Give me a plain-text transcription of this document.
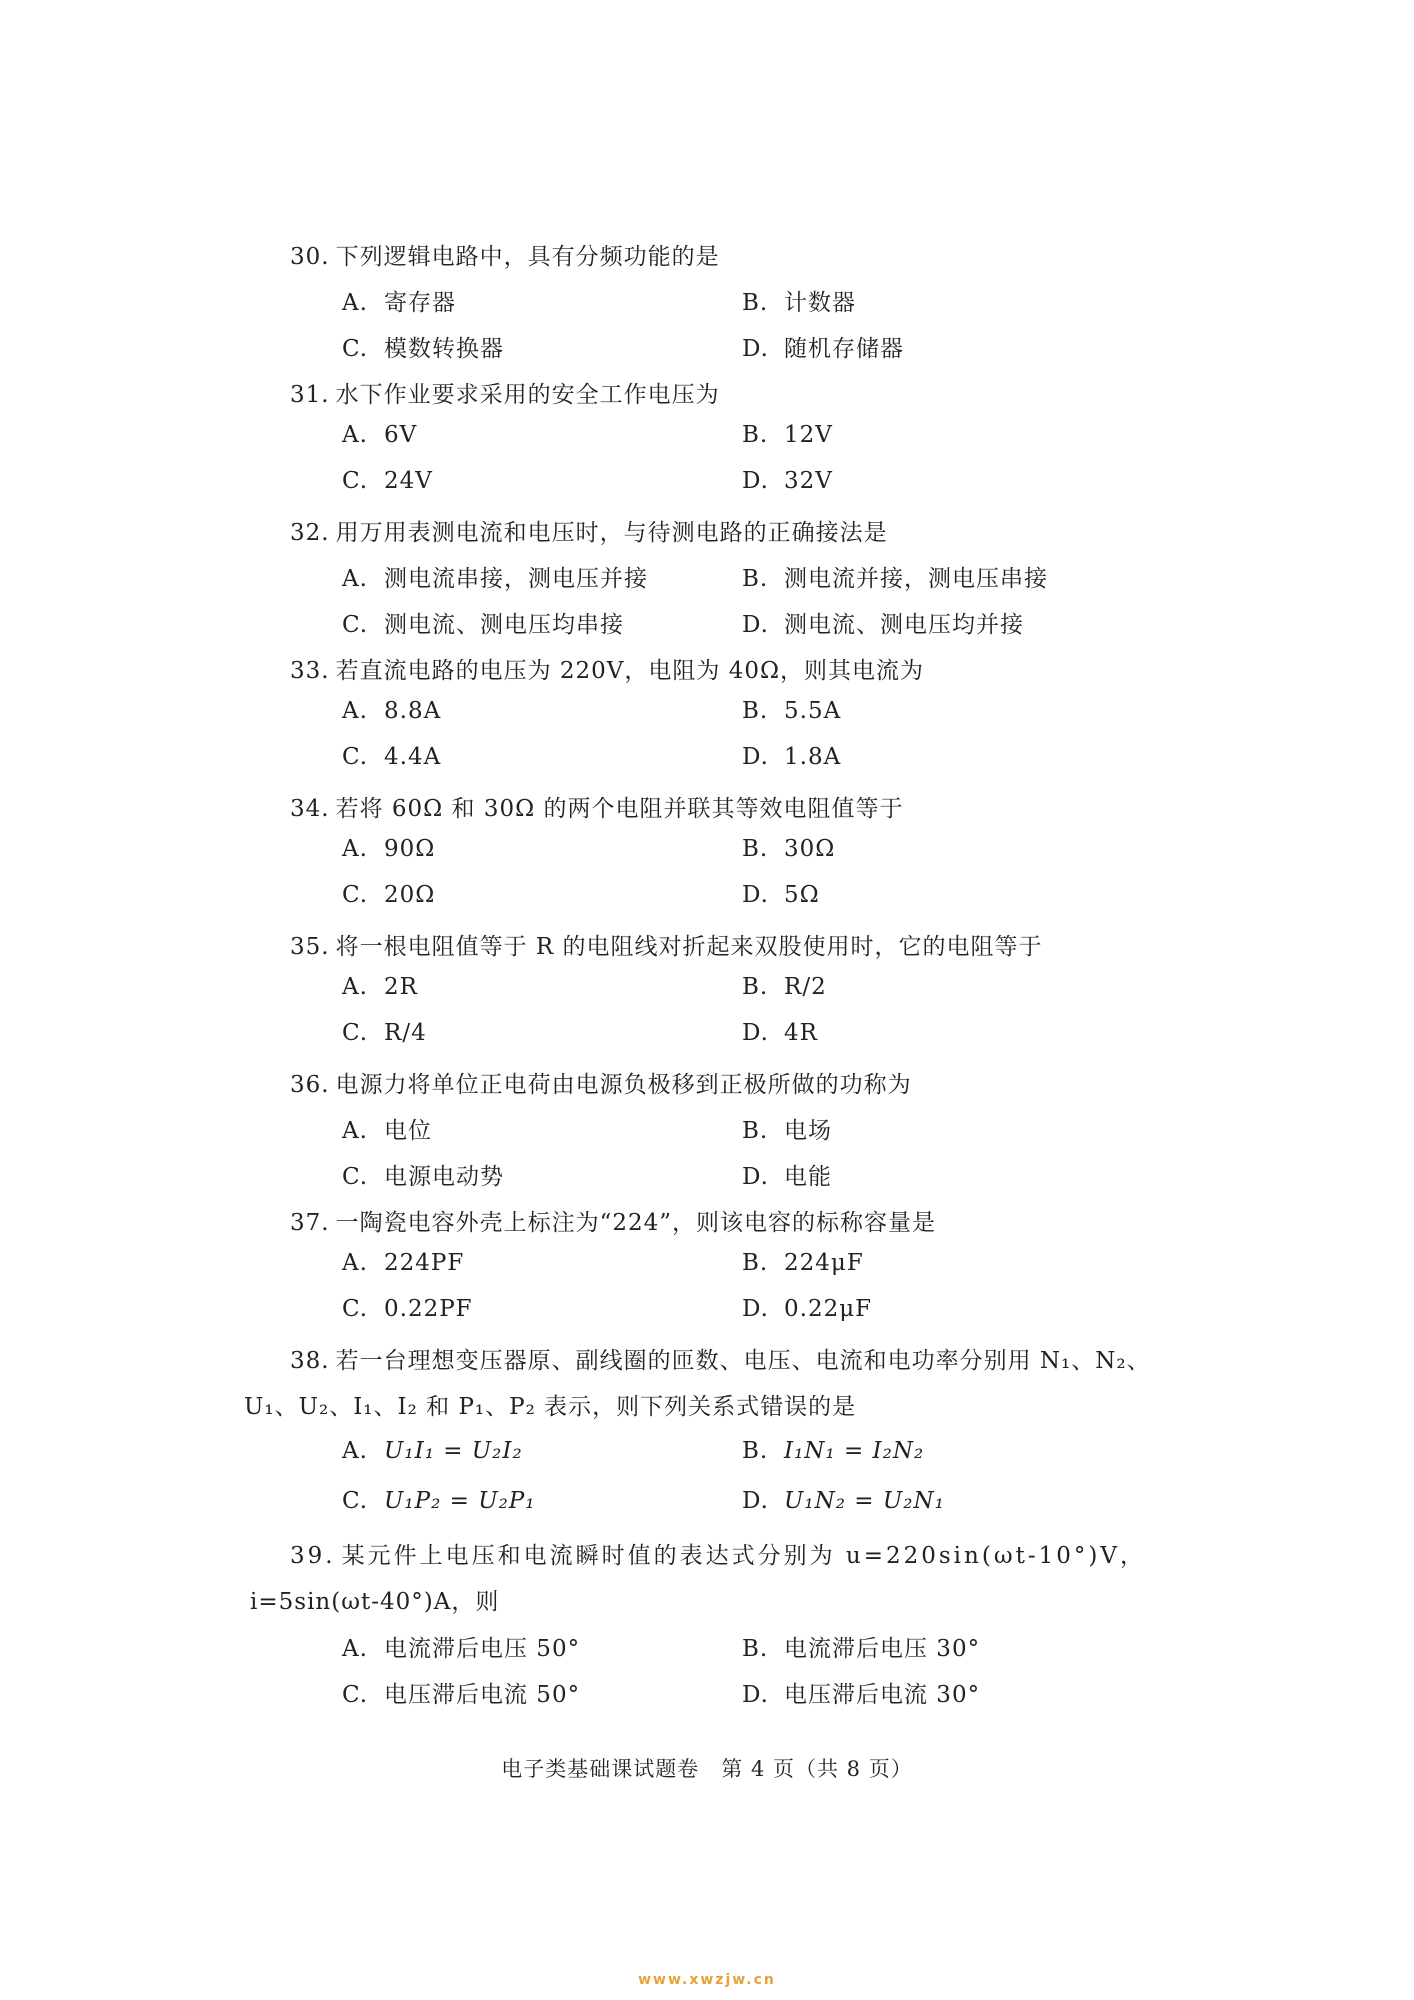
30. 下列逻辑电路中，具有分频功能的是
A. 寄存器	B. 计数器
C. 模数转换器	D. 随机存储器
31. 水下作业要求采用的安全工作电压为
A. 6V	B. 12V
C. 24V	D. 32V
32. 用万用表测电流和电压时，与待测电路的正确接法是
A. 测电流串接，测电压并接	B. 测电流并接，测电压串接
C. 测电流、测电压均串接	D. 测电流、测电压均并接
33. 若直流电路的电压为 220V，电阻为 40Ω，则其电流为
A. 8.8A	B. 5.5A
C. 4.4A	D. 1.8A
34. 若将 60Ω 和 30Ω 的两个电阻并联其等效电阻值等于
A. 90Ω	B. 30Ω
C. 20Ω	D. 5Ω
35. 将一根电阻值等于 R 的电阻线对折起来双股使用时，它的电阻等于
A. 2R	B. R/2
C. R/4	D. 4R
36. 电源力将单位正电荷由电源负极移到正极所做的功称为
A. 电位	B. 电场
C. 电源电动势	D. 电能
37. 一陶瓷电容外壳上标注为“224”，则该电容的标称容量是
A. 224PF	B. 224μF
C. 0.22PF	D. 0.22μF
38. 若一台理想变压器原、副线圈的匝数、电压、电流和电功率分别用 N₁、N₂、
U₁、U₂、I₁、I₂ 和 P₁、P₂ 表示，则下列关系式错误的是
A. U₁I₁ = U₂I₂	B. I₁N₁ = I₂N₂
C. U₁P₂ = U₂P₁	D. U₁N₂ = U₂N₁
39. 某元件上电压和电流瞬时值的表达式分别为 u=220sin(ωt-10°)V，
i=5sin(ωt-40°)A，则
A. 电流滞后电压 50°	B. 电流滞后电压 30°
C. 电压滞后电流 50°	D. 电压滞后电流 30°
电子类基础课试题卷　第 4 页（共 8 页）
www.xwzjw.cn
